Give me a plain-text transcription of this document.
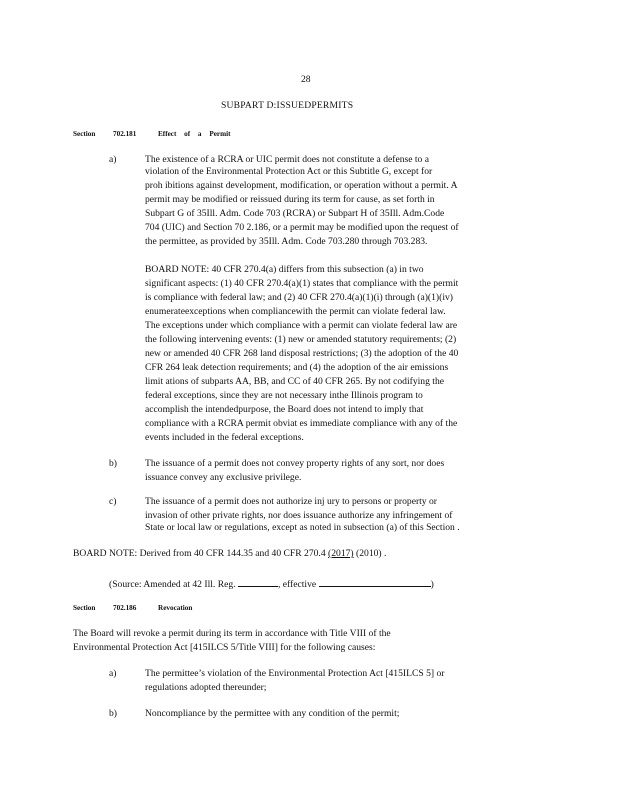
28
SUBPART D:ISSUEDPERMITS
Section 702.181	Effect of a Permit
a)	The existence of a RCRA or UIC permit does not constitute a defense to a
violation of the Environmental Protection Act or this Subtitle G, except for
proh ibitions against development, modification, or operation without a permit. A
permit may be modified or reissued during its term for cause, as set forth in
Subpart G of 35Ill. Adm. Code 703 (RCRA) or Subpart H of 35Ill. Adm.Code
704 (UIC) and Section 70 2.186, or a permit may be modified upon the request of
the permittee, as provided by 35Ill. Adm. Code 703.280 through 703.283.
BOARD NOTE: 40 CFR 270.4(a) differs from this subsection (a) in two
significant aspects: (1) 40 CFR 270.4(a)(1) states that compliance with the permit
is compliance with federal law; and (2) 40 CFR 270.4(a)(1)(i) through (a)(1)(iv)
enumerateexceptions when compliancewith the permit can violate federal law.
The exceptions under which compliance with a permit can violate federal law are
the following intervening events: (1) new or amended statutory requirements; (2)
new or amended 40 CFR 268 land disposal restrictions; (3) the adoption of the 40
CFR 264 leak detection requirements; and (4) the adoption of the air emissions
limit ations of subparts AA, BB, and CC of 40 CFR 265. By not codifying the
federal exceptions, since they are not necessary inthe Illinois program to
accomplish the intendedpurpose, the Board does not intend to imply that
compliance with a RCRA permit obviat es immediate compliance with any of the
events included in the federal exceptions.
b)	The issuance of a permit does not convey property rights of any sort, nor does
issuance convey any exclusive privilege.
c)	The issuance of a permit does not authorize inj ury to persons or property or
invasion of other private rights, nor does issuance authorize any infringement of
State or local law or regulations, except as noted in subsection (a) of this Section .
BOARD NOTE: Derived from 40 CFR 144.35 and 40 CFR 270.4 (2017) (2010) .
(Source: Amended at 42 Ill. Reg.	, effective	)
Section 702.186	Revocation
The Board will revoke a permit during its term in accordance with Title VIII of the
Environmental Protection Act [415ILCS 5/Title VIII] for the following causes:
a)	The permittee’s violation of the Environmental Protection Act [415ILCS 5] or
regulations adopted thereunder;
b)	Noncompliance by the permittee with any condition of the permit;
